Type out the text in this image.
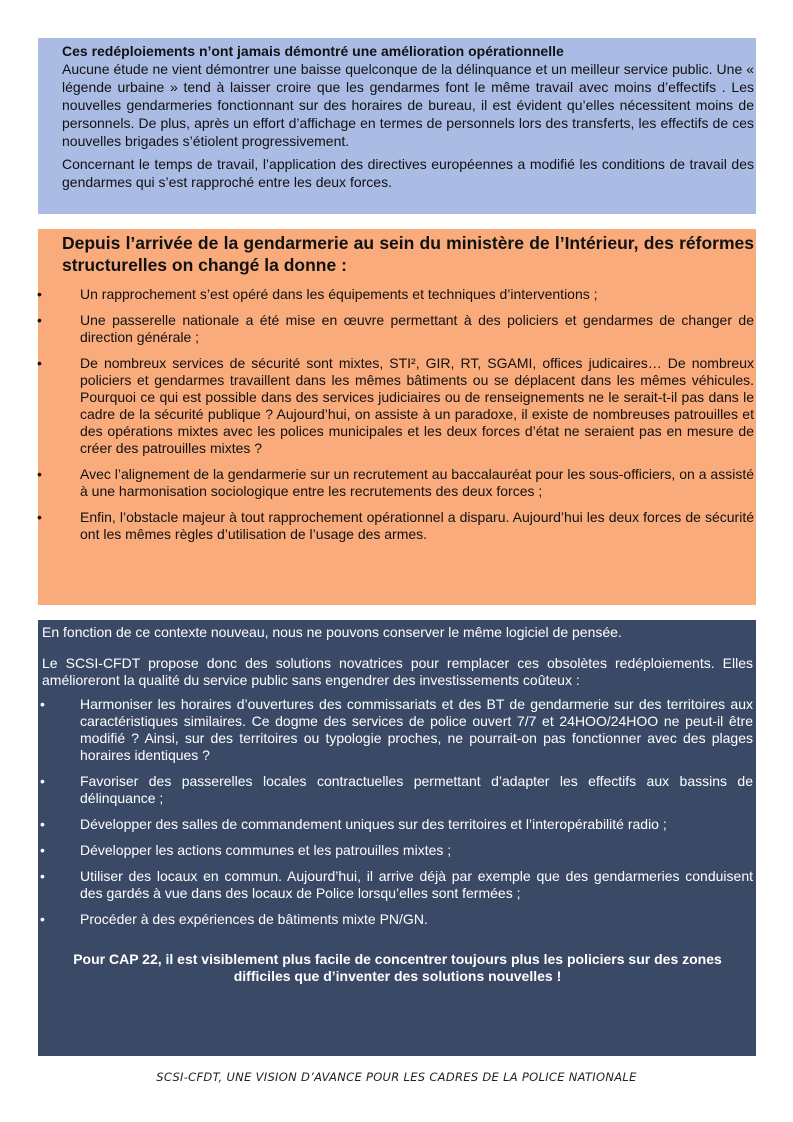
Ces redéploiements n’ont jamais démontré une amélioration opérationnelle

Aucune étude ne vient démontrer une baisse quelconque de la délinquance et un meilleur service public. Une « légende urbaine » tend à laisser croire que les gendarmes font le même travail avec moins d’effectifs . Les nouvelles gendarmeries fonctionnant sur des horaires de bureau, il est évident qu’elles nécessitent moins de personnels. De plus, après un effort d’affichage en termes de personnels lors des transferts, les effectifs de ces nouvelles brigades s’étiolent progressivement.

Concernant le temps de travail, l’application des directives européennes a modifié les conditions de travail des gendarmes qui s’est rapproché entre les deux forces.

Depuis l’arrivée de la gendarmerie au sein du ministère de l’Intérieur, des réformes structurelles on changé la donne :

•	Un rapprochement s’est opéré dans les équipements et techniques d’interventions ;
•	Une passerelle nationale a été mise en œuvre permettant à des policiers et gendarmes de changer de direction générale ;
•	De nombreux services de sécurité sont mixtes, STI², GIR, RT, SGAMI, offices judicaires… De nombreux policiers et gendarmes travaillent dans les mêmes bâtiments ou se déplacent dans les mêmes véhicules. Pourquoi ce qui est possible dans des services judiciaires ou de renseignements ne le serait-t-il pas dans le cadre de la sécurité publique ? Aujourd’hui, on assiste à un paradoxe, il existe de nombreuses patrouilles et des opérations mixtes avec les polices municipales et les deux forces d’état ne seraient pas en mesure de créer des patrouilles mixtes ?
•	Avec l’alignement de la gendarmerie sur un recrutement au baccalauréat pour les sous-officiers, on a assisté à une harmonisation sociologique entre les recrutements des deux forces ;
•	Enfin, l’obstacle majeur à tout rapprochement opérationnel a disparu. Aujourd’hui les deux forces de sécurité ont les mêmes règles d’utilisation de l’usage des armes.

En fonction de ce contexte nouveau, nous ne pouvons conserver le même logiciel de pensée.

Le SCSI-CFDT propose donc des solutions novatrices pour remplacer ces obsolètes redéploiements. Elles amélioreront la qualité du service public sans engendrer des investissements coûteux :

•	Harmoniser les horaires d’ouvertures des commissariats et des BT de gendarmerie sur des territoires aux caractéristiques similaires. Ce dogme des services de police ouvert 7/7 et 24HOO/24HOO ne peut-il être modifié ? Ainsi, sur des territoires ou typologie proches, ne pourrait-on pas fonctionner avec des plages horaires identiques ?
•	Favoriser des passerelles locales contractuelles permettant d’adapter les effectifs aux bassins de délinquance ;
•	Développer des salles de commandement uniques sur des territoires et l’interopérabilité radio ;
•	Développer les actions communes et les patrouilles mixtes ;
•	Utiliser des locaux en commun. Aujourd’hui, il arrive déjà par exemple que des gendarmeries conduisent des gardés à vue dans des locaux de Police lorsqu’elles sont fermées ;
•	Procéder à des expériences de bâtiments mixte PN/GN.

Pour CAP 22, il est visiblement plus facile de concentrer toujours plus les policiers sur des zones difficiles que d’inventer des solutions nouvelles !

SCSI-CFDT, UNE VISION D’AVANCE POUR LES CADRES DE LA POLICE NATIONALE
